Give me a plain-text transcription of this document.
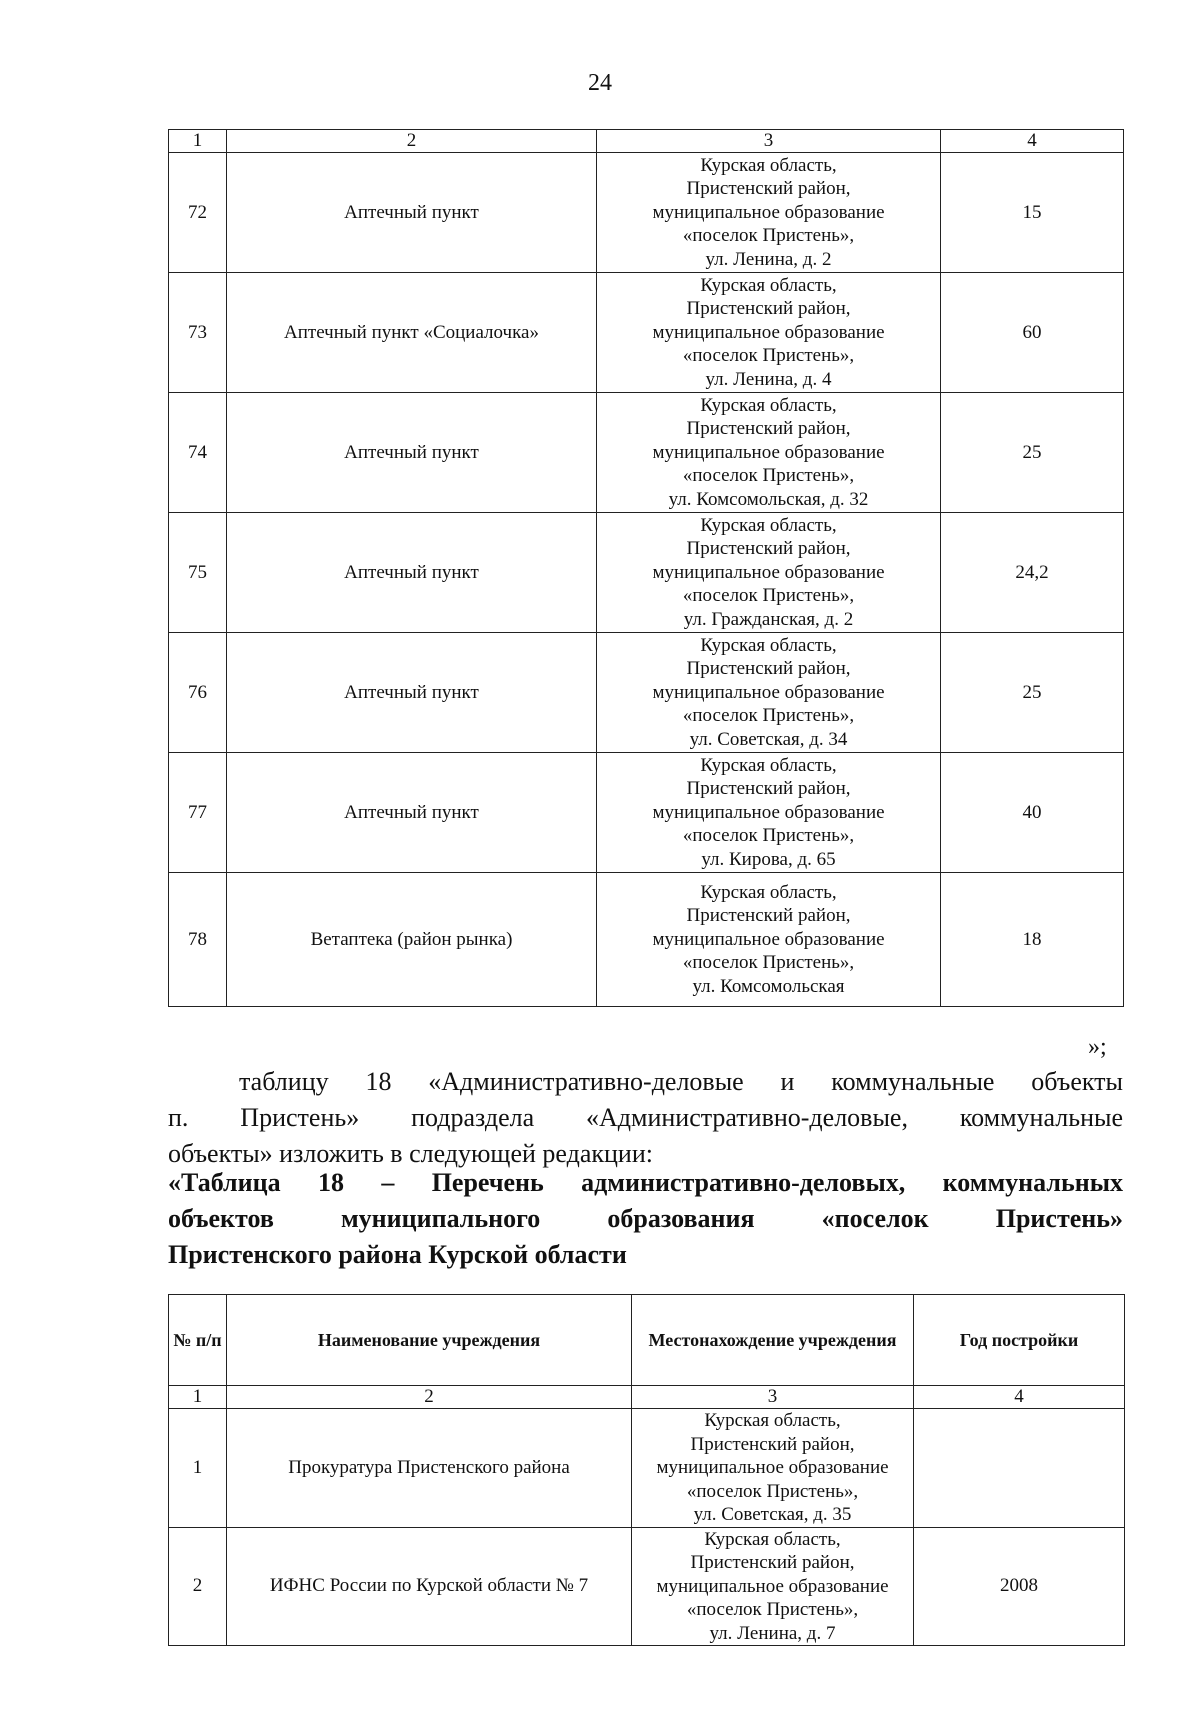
24
1	2	3	4
72	Аптечный пункт	Курская область,
Пристенский район,
муниципальное образование
«поселок Пристень»,
ул. Ленина, д. 2	15
73	Аптечный пункт «Социалочка»	Курская область,
Пристенский район,
муниципальное образование
«поселок Пристень»,
ул. Ленина, д. 4	60
74	Аптечный пункт	Курская область,
Пристенский район,
муниципальное образование
«поселок Пристень»,
ул. Комсомольская, д. 32	25
75	Аптечный пункт	Курская область,
Пристенский район,
муниципальное образование
«поселок Пристень»,
ул. Гражданская, д. 2	24,2
76	Аптечный пункт	Курская область,
Пристенский район,
муниципальное образование
«поселок Пристень»,
ул. Советская, д. 34	25
77	Аптечный пункт	Курская область,
Пристенский район,
муниципальное образование
«поселок Пристень»,
ул. Кирова, д. 65	40
78	Ветаптека (район рынка)	Курская область,
Пристенский район,
муниципальное образование
«поселок Пристень»,
ул. Комсомольская	18
»;
таблицу 18 «Административно-деловые и коммунальные объекты
п. Пристень» подраздела «Административно-деловые, коммунальные
объекты» изложить в следующей редакции:
«Таблица 18 – Перечень административно-деловых, коммунальных
объектов муниципального образования «поселок Пристень»
Пристенского района Курской области
№ п/п	Наименование учреждения	Местонахождение учреждения	Год постройки
1	2	3	4
1	Прокуратура Пристенского района	Курская область,
Пристенский район,
муниципальное образование
«поселок Пристень»,
ул. Советская, д. 35	

2	ИФНС России по Курской области № 7	Курская область,
Пристенский район,
муниципальное образование
«поселок Пристень»,
ул. Ленина, д. 7	2008
